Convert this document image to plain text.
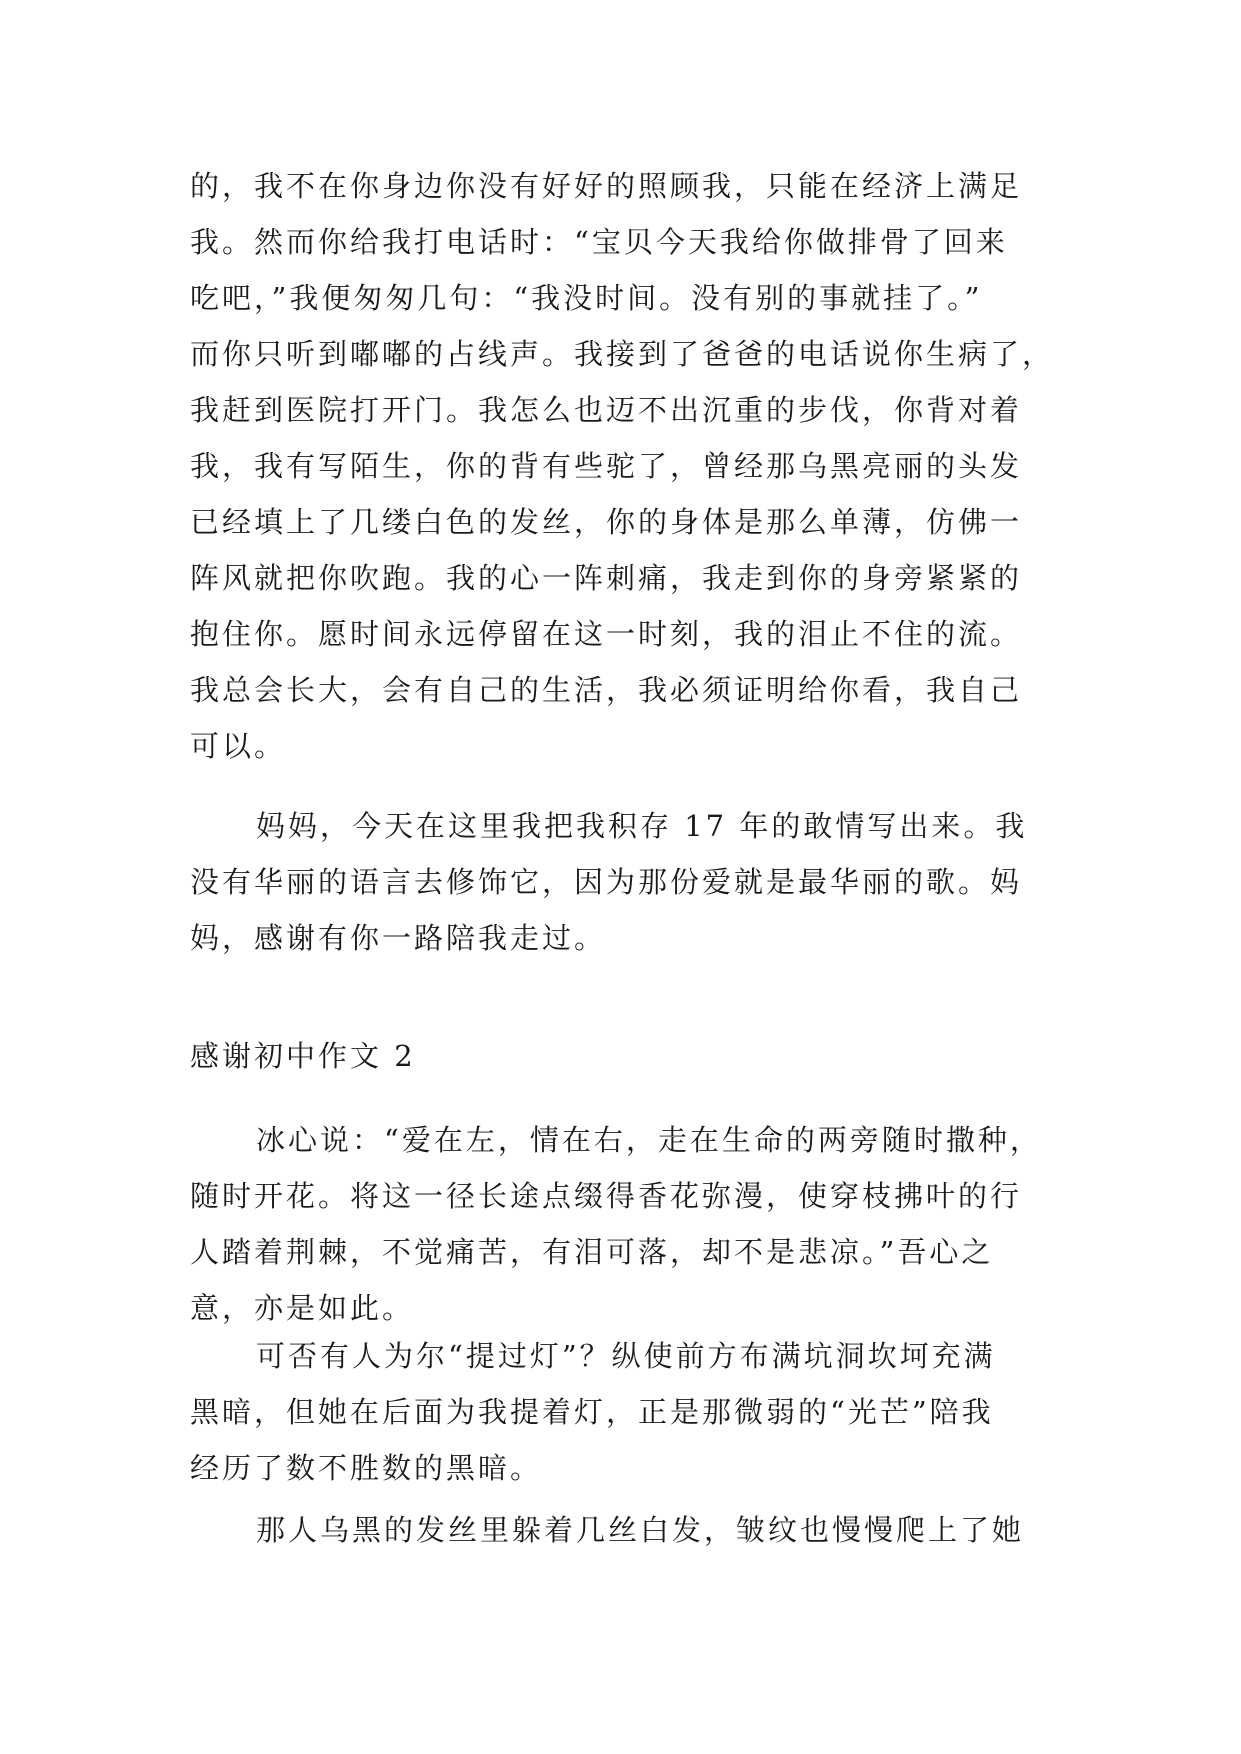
的，我不在你身边你没有好好的照顾我，只能在经济上满足
我。然而你给我打电话时：“宝贝今天我给你做排骨了回来
吃吧，”我便匆匆几句：“我没时间。没有别的事就挂了。”
而你只听到嘟嘟的占线声。我接到了爸爸的电话说你生病了，
我赶到医院打开门。我怎么也迈不出沉重的步伐，你背对着
我，我有写陌生，你的背有些驼了，曾经那乌黑亮丽的头发
已经填上了几缕白色的发丝，你的身体是那么单薄，仿佛一
阵风就把你吹跑。我的心一阵刺痛，我走到你的身旁紧紧的
抱住你。愿时间永远停留在这一时刻，我的泪止不住的流。
我总会长大，会有自己的生活，我必须证明给你看，我自己
可以。
妈妈，今天在这里我把我积存 17 年的敢情写出来。我
没有华丽的语言去修饰它，因为那份爱就是最华丽的歌。妈
妈，感谢有你一路陪我走过。
感谢初中作文 2
冰心说：“爱在左，情在右，走在生命的两旁随时撒种，
随时开花。将这一径长途点缀得香花弥漫，使穿枝拂叶的行
人踏着荆棘，不觉痛苦，有泪可落，却不是悲凉。”吾心之
意，亦是如此。
可否有人为尔“提过灯”？纵使前方布满坑洞坎坷充满
黑暗，但她在后面为我提着灯，正是那微弱的“光芒”陪我
经历了数不胜数的黑暗。
那人乌黑的发丝里躲着几丝白发，皱纹也慢慢爬上了她
